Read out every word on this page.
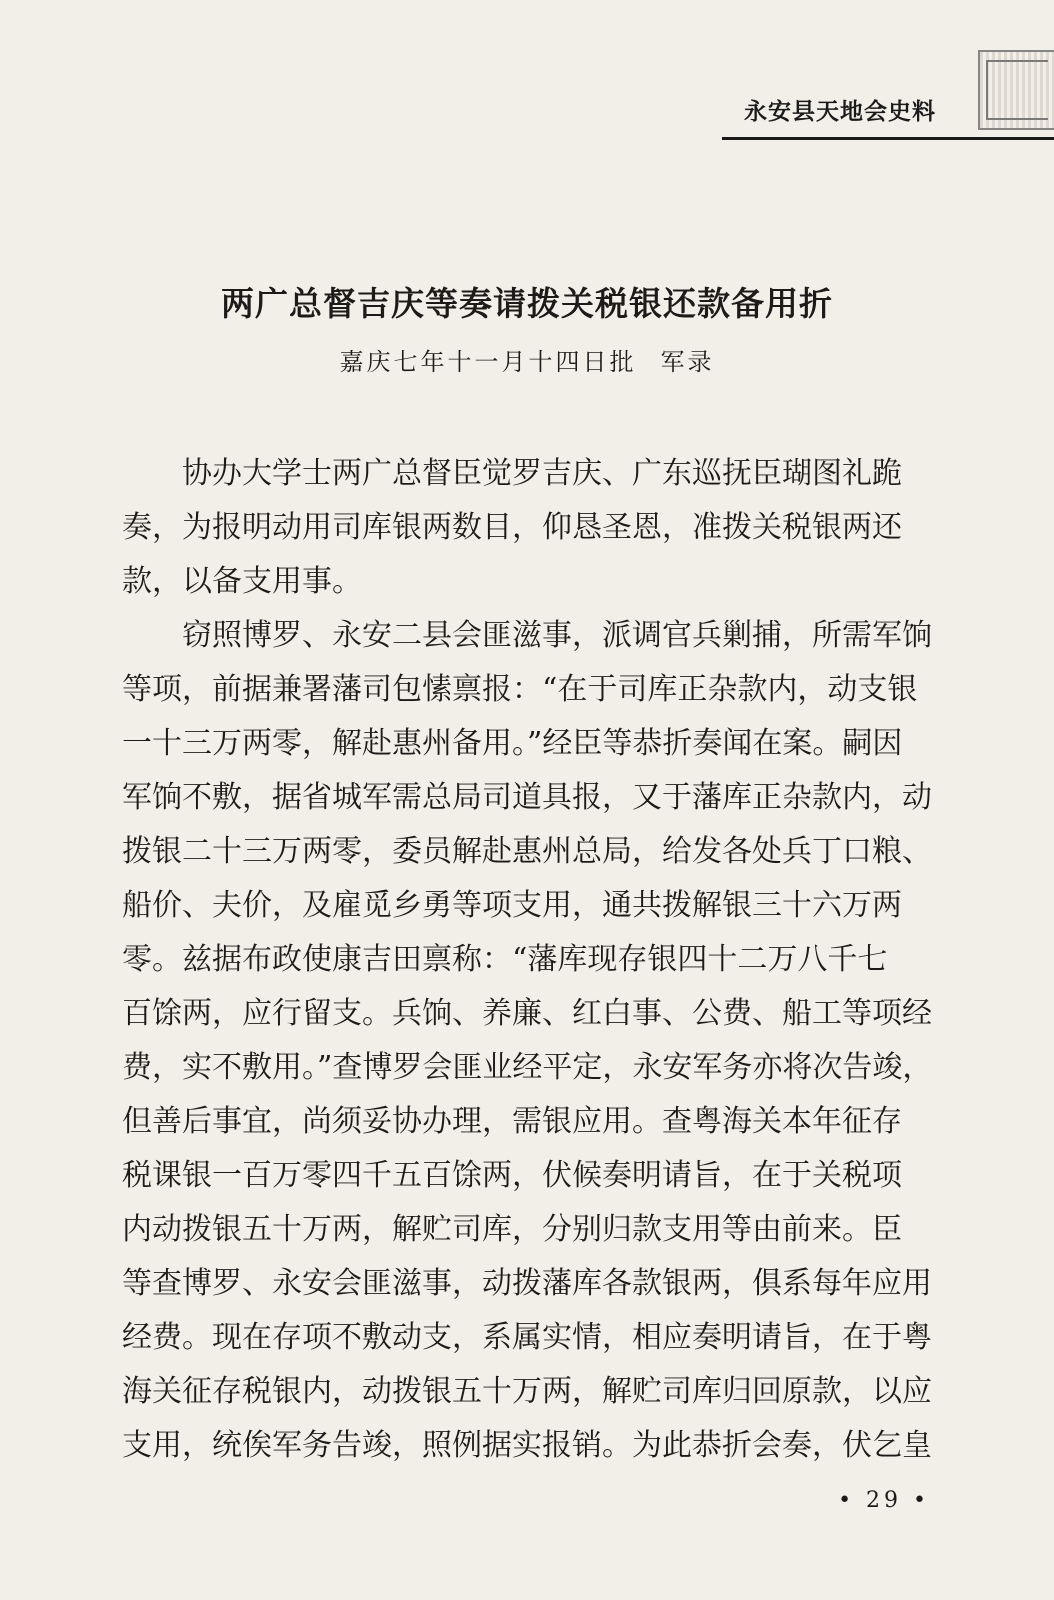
永安县天地会史料
两广总督吉庆等奏请拨关税银还款备用折
嘉庆七年十一月十四日批 军录
协办大学士两广总督臣觉罗吉庆、广东巡抚臣瑚图礼跪
奏，为报明动用司库银两数目，仰恳圣恩，准拨关税银两还
款，以备支用事。
窃照博罗、永安二县会匪滋事，派调官兵剿捕，所需军饷
等项，前据兼署藩司包愫禀报：“在于司库正杂款内，动支银
一十三万两零，解赴惠州备用。”经臣等恭折奏闻在案。嗣因
军饷不敷，据省城军需总局司道具报，又于藩库正杂款内，动
拨银二十三万两零，委员解赴惠州总局，给发各处兵丁口粮、
船价、夫价，及雇觅乡勇等项支用，通共拨解银三十六万两
零。兹据布政使康吉田禀称：“藩库现存银四十二万八千七
百馀两，应行留支。兵饷、养廉、红白事、公费、船工等项经
费，实不敷用。”查博罗会匪业经平定，永安军务亦将次告竣，
但善后事宜，尚须妥协办理，需银应用。查粤海关本年征存
税课银一百万零四千五百馀两，伏候奏明请旨，在于关税项
内动拨银五十万两，解贮司库，分别归款支用等由前来。臣
等查博罗、永安会匪滋事，动拨藩库各款银两，俱系每年应用
经费。现在存项不敷动支，系属实情，相应奏明请旨，在于粤
海关征存税银内，动拨银五十万两，解贮司库归回原款，以应
支用，统俟军务告竣，照例据实报销。为此恭折会奏，伏乞皇
• 29 •
